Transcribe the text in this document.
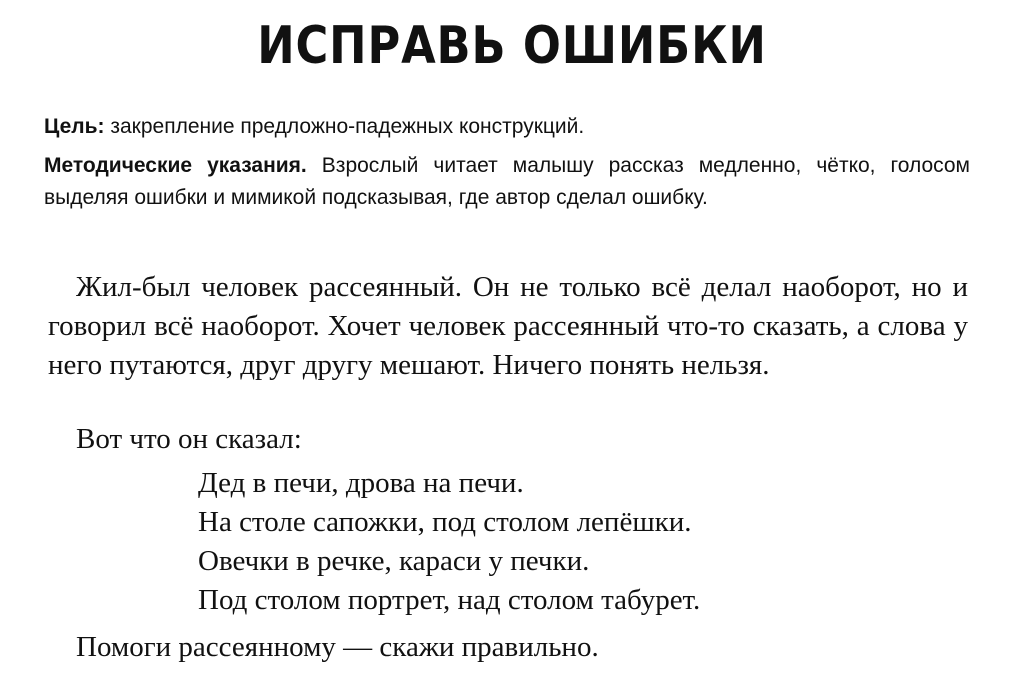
ИСПРАВЬ ОШИБКИ
Цель: закрепление предложно-падежных конструкций.
Методические указания. Взрослый читает малышу рассказ медленно, чётко, голосом выделяя ошибки и мимикой подсказывая, где автор сделал ошибку.

Жил-был человек рассеянный. Он не только всё делал наоборот, но и говорил всё наоборот. Хочет человек рассеянный что-то сказать, а слова у него путаются, друг другу мешают. Ничего понять нельзя.

Вот что он сказал:
Дед в печи, дрова на печи.
На столе сапожки, под столом лепёшки.
Овечки в речке, караси у печки.
Под столом портрет, над столом табурет.
Помоги рассеянному — скажи правильно.
